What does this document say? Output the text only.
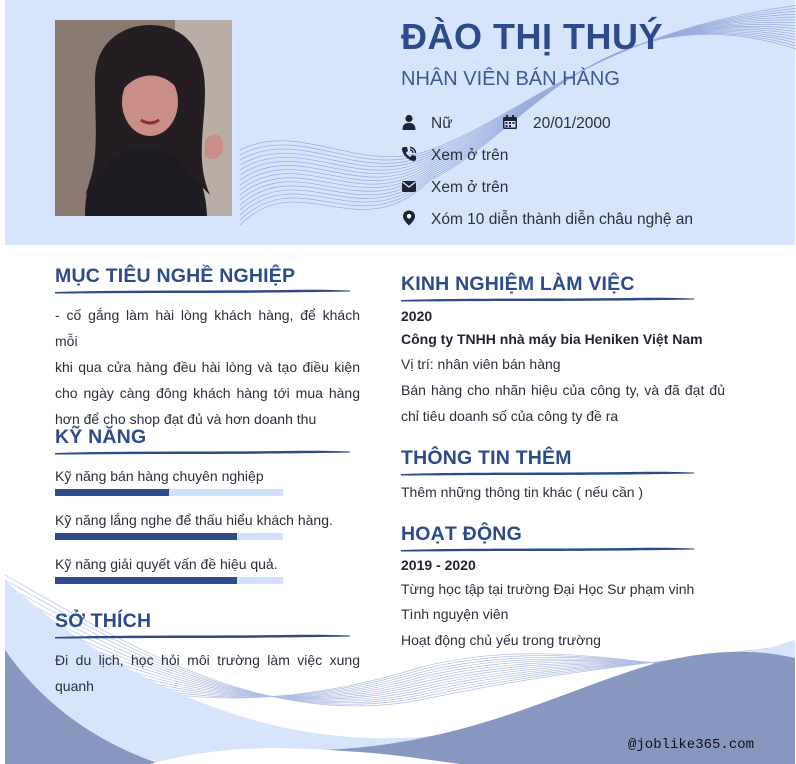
ĐÀO THỊ THUÝ
NHÂN VIÊN BÁN HÀNG
Nữ	20/01/2000
Xem ở trên
Xem ở trên
Xóm 10 diễn thành diễn châu nghệ an
MỤC TIÊU NGHỀ NGHIỆP
- cố gắng làm hài lòng khách hàng, để khách mỗi
khi qua cửa hàng đều hài lòng và tạo điều kiện
cho ngày càng đông khách hàng tới mua hàng
hơn để cho shop đạt đủ và hơn doanh thu
KỸ NĂNG
Kỹ năng bán hàng chuyên nghiệp
Kỹ năng lắng nghe để thấu hiểu khách hàng.
Kỹ năng giải quyết vấn đề hiệu quả.
SỞ THÍCH
Đi du lịch, học hỏi môi trường làm việc xung
quanh
KINH NGHIỆM LÀM VIỆC
2020
Công ty TNHH nhà máy bia Heniken Việt Nam
Vị trí: nhân viên bán hàng
Bán hàng cho nhãn hiệu của công ty, và đã đạt đủ
chỉ tiêu doanh số của công ty đề ra
THÔNG TIN THÊM
Thêm những thông tin khác ( nếu cần )
HOẠT ĐỘNG
2019 - 2020
Từng học tập tại trường Đại Học Sư phạm vinh
Tình nguyện viên
Hoạt động chủ yếu trong trường
@joblike365.com
